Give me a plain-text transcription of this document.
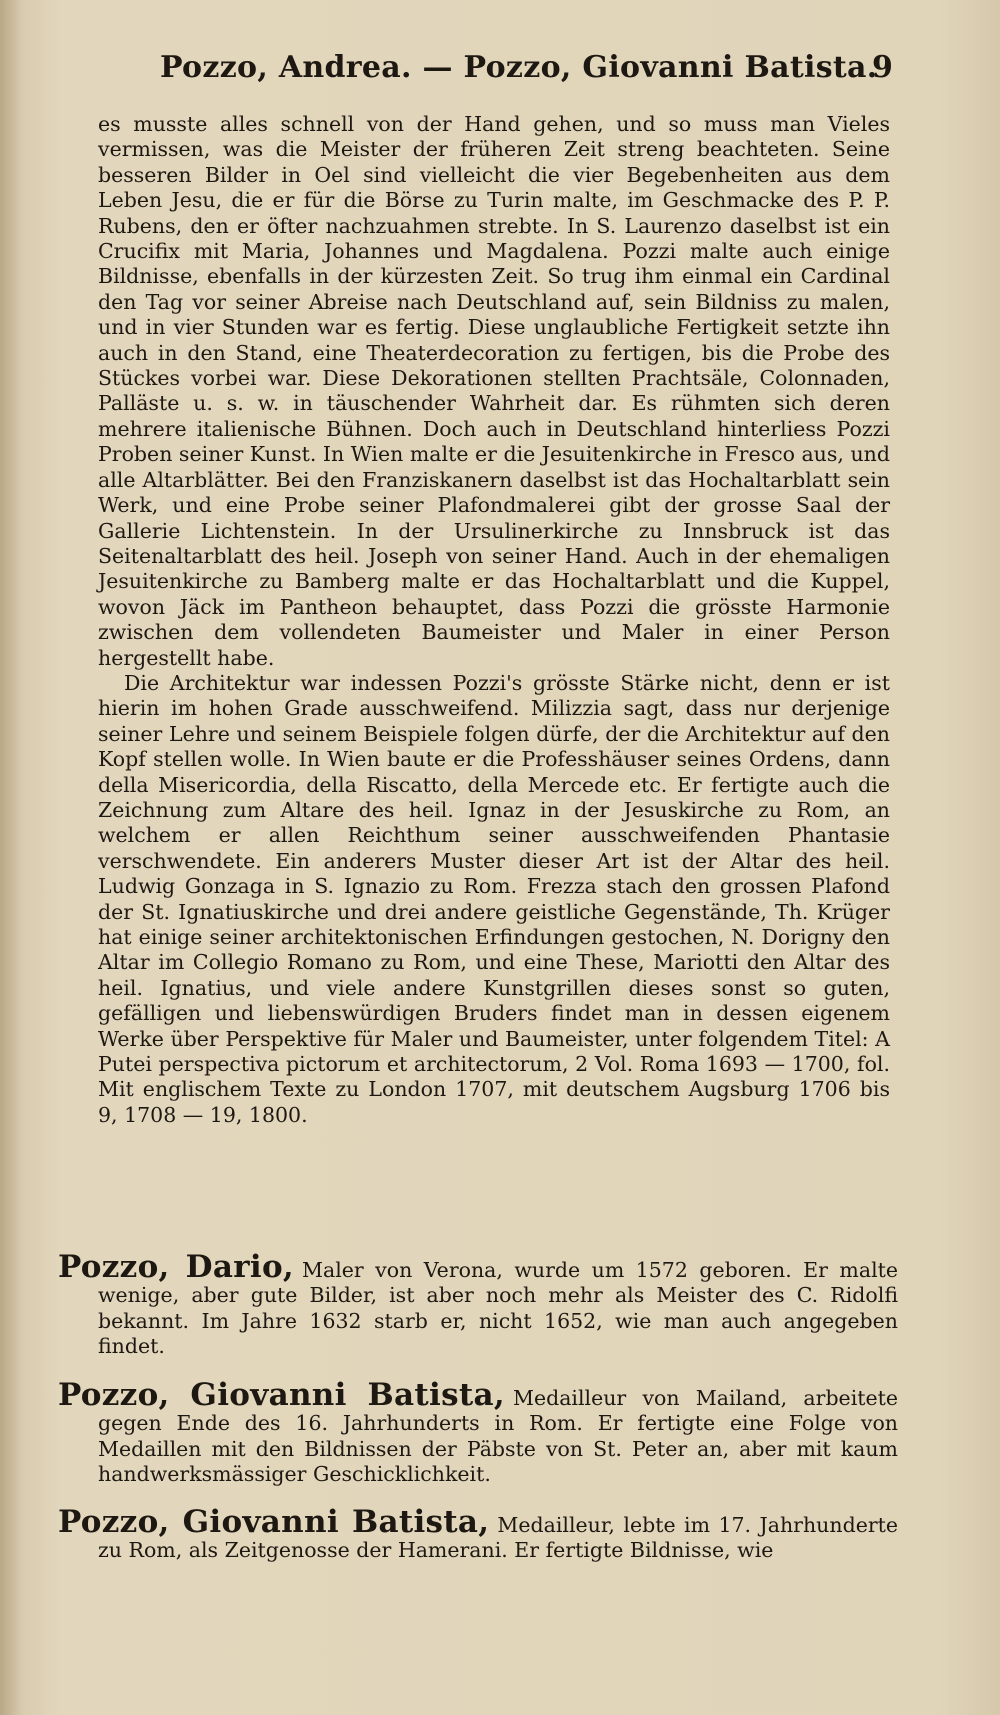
Pozzo, Andrea. — Pozzo, Giovanni Batista.
9

es musste alles schnell von der Hand gehen, und so muss man Vieles vermissen, was die Meister der früheren Zeit streng beachteten. Seine besseren Bilder in Oel sind vielleicht die vier Begebenheiten aus dem Leben Jesu, die er für die Börse zu Turin malte, im Geschmacke des P. P. Rubens, den er öfter nachzuahmen strebte. In S. Laurenzo daselbst ist ein Crucifix mit Maria, Johannes und Magdalena. Pozzi malte auch einige Bildnisse, ebenfalls in der kürzesten Zeit. So trug ihm einmal ein Cardinal den Tag vor seiner Abreise nach Deutschland auf, sein Bildniss zu malen, und in vier Stunden war es fertig. Diese unglaubliche Fertigkeit setzte ihn auch in den Stand, eine Theaterdecoration zu fertigen, bis die Probe des Stückes vorbei war. Diese Dekorationen stellten Prachtsäle, Colonnaden, Palläste u. s. w. in täuschender Wahrheit dar. Es rühmten sich deren mehrere italienische Bühnen. Doch auch in Deutschland hinterliess Pozzi Proben seiner Kunst. In Wien malte er die Jesuitenkirche in Fresco aus, und alle Altarblätter. Bei den Franziskanern daselbst ist das Hochaltarblatt sein Werk, und eine Probe seiner Plafondmalerei gibt der grosse Saal der Gallerie Lichtenstein. In der Ursulinerkirche zu Innsbruck ist das Seitenaltarblatt des heil. Joseph von seiner Hand. Auch in der ehemaligen Jesuitenkirche zu Bamberg malte er das Hochaltarblatt und die Kuppel, wovon Jäck im Pantheon behauptet, dass Pozzi die grösste Harmonie zwischen dem vollendeten Baumeister und Maler in einer Person hergestellt habe.

Die Architektur war indessen Pozzi's grösste Stärke nicht, denn er ist hierin im hohen Grade ausschweifend. Milizzia sagt, dass nur derjenige seiner Lehre und seinem Beispiele folgen dürfe, der die Architektur auf den Kopf stellen wolle. In Wien baute er die Professhäuser seines Ordens, dann della Misericordia, della Riscatto, della Mercede etc. Er fertigte auch die Zeichnung zum Altare des heil. Ignaz in der Jesuskirche zu Rom, an welchem er allen Reichthum seiner ausschweifenden Phantasie verschwendete. Ein anderers Muster dieser Art ist der Altar des heil. Ludwig Gonzaga in S. Ignazio zu Rom. Frezza stach den grossen Plafond der St. Ignatiuskirche und drei andere geistliche Gegenstände, Th. Krüger hat einige seiner architektonischen Erfindungen gestochen, N. Dorigny den Altar im Collegio Romano zu Rom, und eine These, Mariotti den Altar des heil. Ignatius, und viele andere Kunstgrillen dieses sonst so guten, gefälligen und liebenswürdigen Bruders findet man in dessen eigenem Werke über Perspektive für Maler und Baumeister, unter folgendem Titel: A Putei perspectiva pictorum et architectorum, 2 Vol. Roma 1693 — 1700, fol. Mit englischem Texte zu London 1707, mit deutschem Augsburg 1706 bis 9, 1708 — 19, 1800.

Pozzo, Dario, Maler von Verona, wurde um 1572 geboren. Er malte wenige, aber gute Bilder, ist aber noch mehr als Meister des C. Ridolfi bekannt. Im Jahre 1632 starb er, nicht 1652, wie man auch angegeben findet.
Pozzo, Giovanni Batista, Medailleur von Mailand, arbeitete gegen Ende des 16. Jahrhunderts in Rom. Er fertigte eine Folge von Medaillen mit den Bildnissen der Päbste von St. Peter an, aber mit kaum handwerksmässiger Geschicklichkeit.
Pozzo, Giovanni Batista, Medailleur, lebte im 17. Jahrhunderte zu Rom, als Zeitgenosse der Hamerani. Er fertigte Bildnisse, wie
